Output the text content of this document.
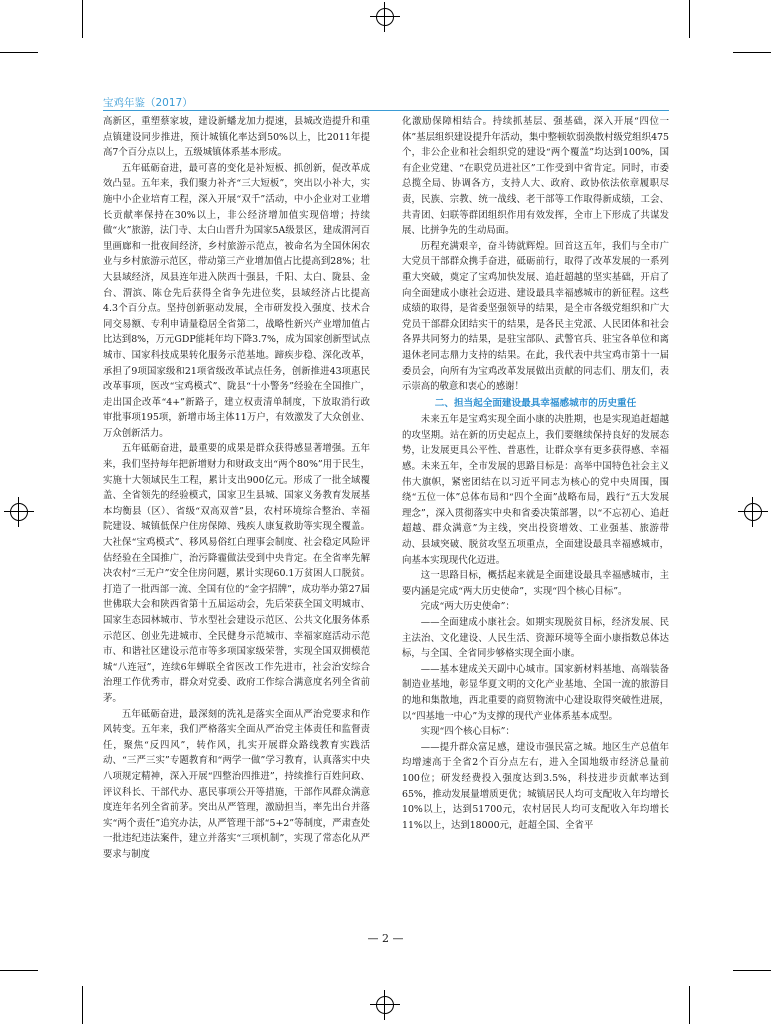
宝鸡年鉴（2017）

高新区，重塑蔡家坡，建设新蟠龙加力提速，县城改造提升和重点镇建设同步推进，预计城镇化率达到50%以上，比2011年提高7个百分点以上，五级城镇体系基本形成。

五年砥砺奋进，最可喜的变化是补短板、抓创新，促改革成效凸显。五年来，我们聚力补齐“三大短板”，突出以小补大，实施中小企业培育工程，深入开展“双千”活动，中小企业对工业增长贡献率保持在30%以上，非公经济增加值实现倍增；持续做“火”旅游，法门寺、太白山晋升为国家5A级景区，建成渭河百里画廊和一批夜间经济，乡村旅游示范点，被命名为全国休闲农业与乡村旅游示范区，带动第三产业增加值占比提高到28%；壮大县域经济，凤县连年进入陕西十强县，千阳、太白、陇县、金台、渭滨、陈仓先后获得全省争先进位奖，县域经济占比提高4.3个百分点。坚持创新驱动发展，全市研发投入强度、技术合同交易额、专利申请量稳居全省第二，战略性新兴产业增加值占比达到8%，万元GDP能耗年均下降3.7%，成为国家创新型试点城市、国家科技成果转化服务示范基地。蹄疾步稳、深化改革，承担了9项国家级和21项省级改革试点任务，创新推进43项惠民改革事项，医改“宝鸡模式”、陇县“十小警务”经验在全国推广，走出国企改革“4+”新路子，建立权责清单制度，下放取消行政审批事项195项，新增市场主体11万户，有效激发了大众创业、万众创新活力。

五年砥砺奋进，最重要的成果是群众获得感显著增强。五年来，我们坚持每年把新增财力和财政支出“两个80%”用于民生，实施十大领域民生工程，累计支出900亿元。形成了一批全域覆盖、全省领先的经验模式，国家卫生县城、国家义务教育发展基本均衡县（区）、省级“双高双普”县，农村环境综合整治、幸福院建设、城镇低保户住房保障、残疾人康复救助等实现全覆盖。大社保“宝鸡模式”、移风易俗红白理事会制度、社会稳定风险评估经验在全国推广，治污降霾做法受到中央肯定。在全省率先解决农村“三无户”安全住房问题，累计实现60.1万贫困人口脱贫。打造了一批西部一流、全国有位的“金字招牌”，成功举办第27届世佛联大会和陕西省第十五届运动会，先后荣获全国文明城市、国家生态园林城市、节水型社会建设示范区、公共文化服务体系示范区、创业先进城市、全民健身示范城市、幸福家庭活动示范市、和谐社区建设示范市等多项国家级荣誉，实现全国双拥模范城“八连冠”，连续6年蝉联全省医改工作先进市，社会治安综合治理工作优秀市，群众对党委、政府工作综合满意度名列全省前茅。

五年砥砺奋进，最深刻的洗礼是落实全面从严治党要求和作风转变。五年来，我们严格落实全面从严治党主体责任和监督责任，聚焦“反四风”，转作风，扎实开展群众路线教育实践活动、“三严三实”专题教育和“两学一做”学习教育，认真落实中央八项规定精神，深入开展“四整治四推进”，持续推行百姓问政、评议科长、干部代办、惠民事项公开等措施，干部作风群众满意度连年名列全省前茅。突出从严管理，激励担当，率先出台并落实“两个责任”追究办法，从严管理干部“5+2”等制度，严肃查处一批违纪违法案件，建立并落实“三项机制”，实现了常态化从严要求与制度

化激励保障相结合。持续抓基层、强基础，深入开展“四位一体”基层组织建设提升年活动，集中整顿软弱涣散村级党组织475个，非公企业和社会组织党的建设“两个覆盖”均达到100%，国有企业党建、“在职党员进社区”工作受到中省肯定。同时，市委总揽全局、协调各方，支持人大、政府、政协依法依章履职尽责，民族、宗教、统一战线、老干部等工作取得新成绩，工会、共青团、妇联等群团组织作用有效发挥，全市上下形成了共谋发展、比拼争先的生动局面。

历程充满艰辛，奋斗铸就辉煌。回首这五年，我们与全市广大党员干部群众携手奋进，砥砺前行，取得了改革发展的一系列重大突破，奠定了宝鸡加快发展、追赶超越的坚实基础，开启了向全面建成小康社会迈进、建设最具幸福感城市的新征程。这些成绩的取得，是省委坚强领导的结果，是全市各级党组织和广大党员干部群众团结实干的结果，是各民主党派、人民团体和社会各界共同努力的结果，是驻宝部队、武警官兵、驻宝各单位和离退休老同志鼎力支持的结果。在此，我代表中共宝鸡市第十一届委员会，向所有为宝鸡改革发展做出贡献的同志们、朋友们，表示崇高的敬意和衷心的感谢！

二、担当起全面建设最具幸福感城市的历史重任

未来五年是宝鸡实现全面小康的决胜期，也是实现追赶超越的攻坚期。站在新的历史起点上，我们要继续保持良好的发展态势，让发展更具公平性、普惠性，让群众享有更多获得感、幸福感。未来五年，全市发展的思路目标是：高举中国特色社会主义伟大旗帜，紧密团结在以习近平同志为核心的党中央周围，围绕“五位一体”总体布局和“四个全面”战略布局，践行“五大发展理念”，深入贯彻落实中央和省委决策部署，以“不忘初心、追赶超越、群众满意”为主线，突出投资增效、工业强基、旅游带动、县域突破、脱贫攻坚五项重点，全面建设最具幸福感城市，向基本实现现代化迈进。

这一思路目标，概括起来就是全面建设最具幸福感城市，主要内涵是完成“两大历史使命”，实现“四个核心目标”。

完成“两大历史使命”：

——全面建成小康社会。如期实现脱贫目标，经济发展、民主法治、文化建设、人民生活、资源环境等全面小康指数总体达标，与全国、全省同步够格实现全面小康。

——基本建成关天副中心城市。国家新材料基地、高端装备制造业基地，彰显华夏文明的文化产业基地、全国一流的旅游目的地和集散地，西北重要的商贸物流中心建设取得突破性进展，以“四基地一中心”为支撑的现代产业体系基本成型。

实现“四个核心目标”：

——提升群众富足感，建设市强民富之城。地区生产总值年均增速高于全省2个百分点左右，进入全国地级市经济总量前100位；研发经费投入强度达到3.5%，科技进步贡献率达到65%，推动发展量增质更优；城镇居民人均可支配收入年均增长10%以上，达到51700元，农村居民人均可支配收入年均增长11%以上，达到18000元，赶超全国、全省平

— 2 —
